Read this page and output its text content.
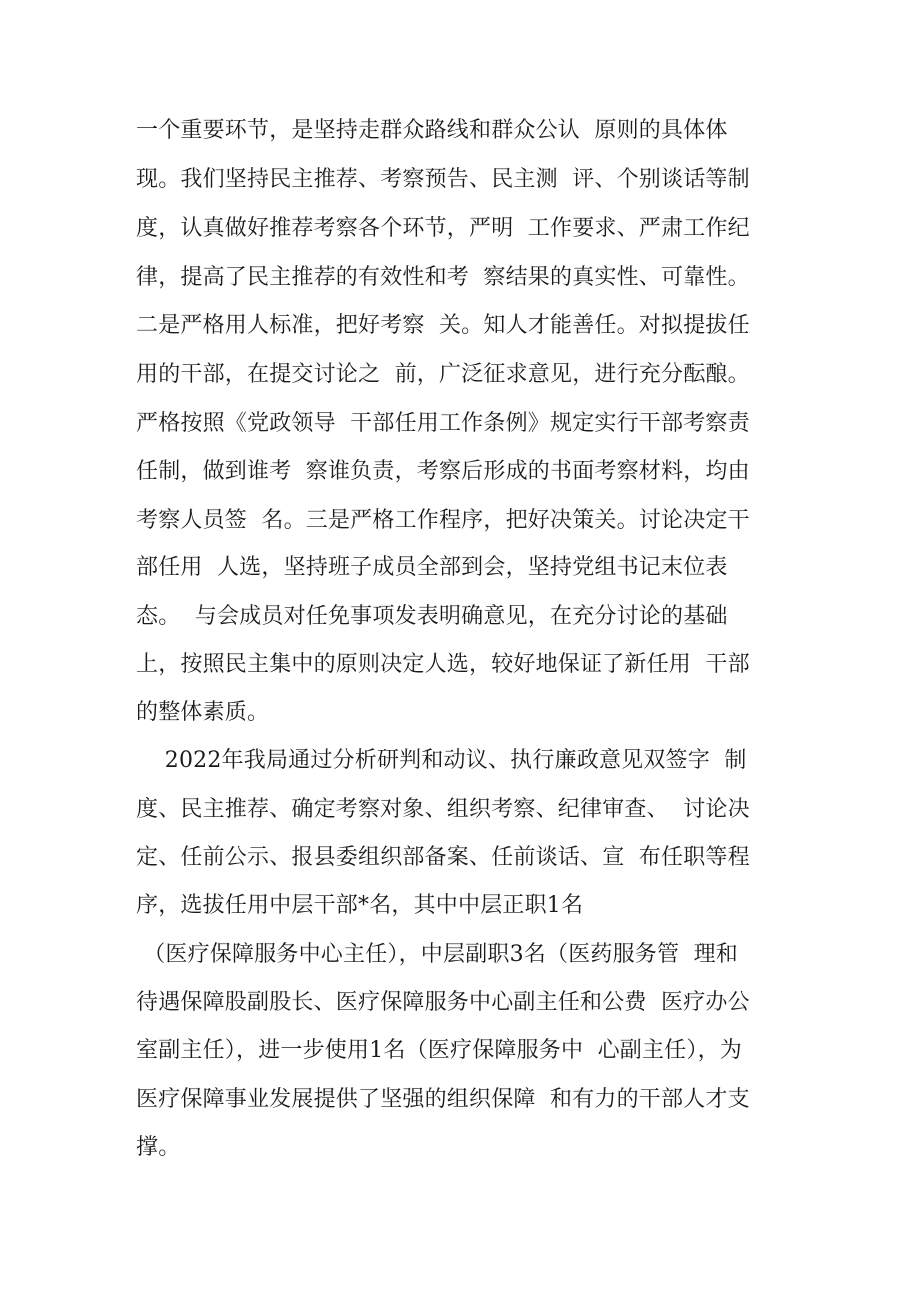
一个重要环节，是坚持走群众路线和群众公认  原则的具体体
现。我们坚持民主推荐、考察预告、民主测  评、个别谈话等制
度，认真做好推荐考察各个环节，严明  工作要求、严肃工作纪
律，提高了民主推荐的有效性和考  察结果的真实性、可靠性。
二是严格用人标准，把好考察  关。知人才能善任。对拟提拔任
用的干部，在提交讨论之  前，广泛征求意见，进行充分酝酿。
严格按照《党政领导  干部任用工作条例》规定实行干部考察责
任制，做到谁考  察谁负责，考察后形成的书面考察材料，均由
考察人员签  名。三是严格工作程序，把好决策关。讨论决定干
部任用  人选，坚持班子成员全部到会，坚持党组书记末位表
态。  与会成员对任免事项发表明确意见，在充分讨论的基础
上，按照民主集中的原则决定人选，较好地保证了新任用  干部
的整体素质。
2022年我局通过分析研判和动议、执行廉政意见双签字  制
度、民主推荐、确定考察对象、组织考察、纪律审查、  讨论决
定、任前公示、报县委组织部备案、任前谈话、宣  布任职等程
序，选拔任用中层干部*名，其中中层正职1名
（医疗保障服务中心主任），中层副职3名（医药服务管  理和
待遇保障股副股长、医疗保障服务中心副主任和公费  医疗办公
室副主任），进一步使用1名（医疗保障服务中  心副主任），为
医疗保障事业发展提供了坚强的组织保障  和有力的干部人才支
撑。
